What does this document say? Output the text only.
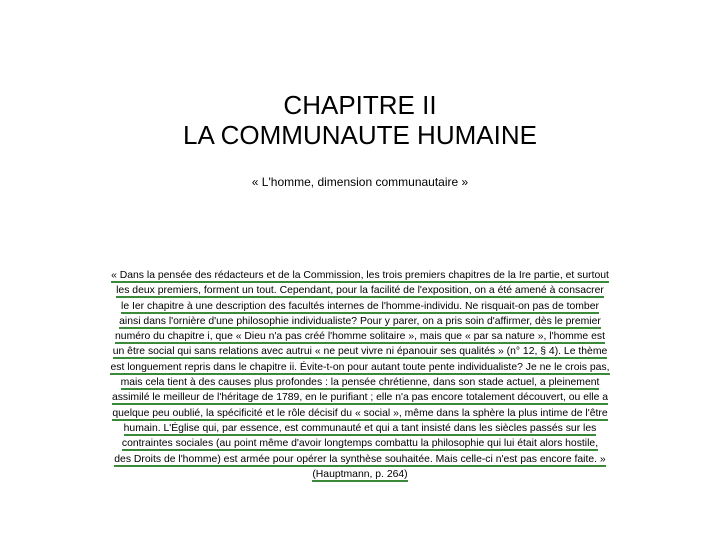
CHAPITRE II
LA COMMUNAUTE HUMAINE
« L'homme, dimension communautaire »
« Dans la pensée des rédacteurs et de la Commission, les trois premiers chapitres de la Ire partie, et surtout
les deux premiers, forment un tout. Cependant, pour la facilité de l'exposition, on a été amené à consacrer
le Ier chapitre à une description des facultés internes de l'homme-individu. Ne risquait-on pas de tomber
ainsi dans l'ornière d'une philosophie individualiste? Pour y parer, on a pris soin d'affirmer, dès le premier
numéro du chapitre i, que « Dieu n'a pas créé l'homme solitaire », mais que « par sa nature », l'homme est
un être social qui sans relations avec autrui « ne peut vivre ni épanouir ses qualités » (n° 12, § 4). Le thème
est longuement repris dans le chapitre ii. Évite-t-on pour autant toute pente individualiste? Je ne le crois pas,
mais cela tient à des causes plus profondes : la pensée chrétienne, dans son stade actuel, a pleinement
assimilé le meilleur de l'héritage de 1789, en le purifiant ; elle n'a pas encore totalement découvert, ou elle a
quelque peu oublié, la spécificité et le rôle décisif du « social », même dans la sphère la plus intime de l'être
humain. L'Église qui, par essence, est communauté et qui a tant insisté dans les siècles passés sur les
contraintes sociales (au point même d'avoir longtemps combattu la philosophie qui lui était alors hostile,
des Droits de l'homme) est armée pour opérer la synthèse souhaitée. Mais celle-ci n'est pas encore faite. »
(Hauptmann, p. 264)
